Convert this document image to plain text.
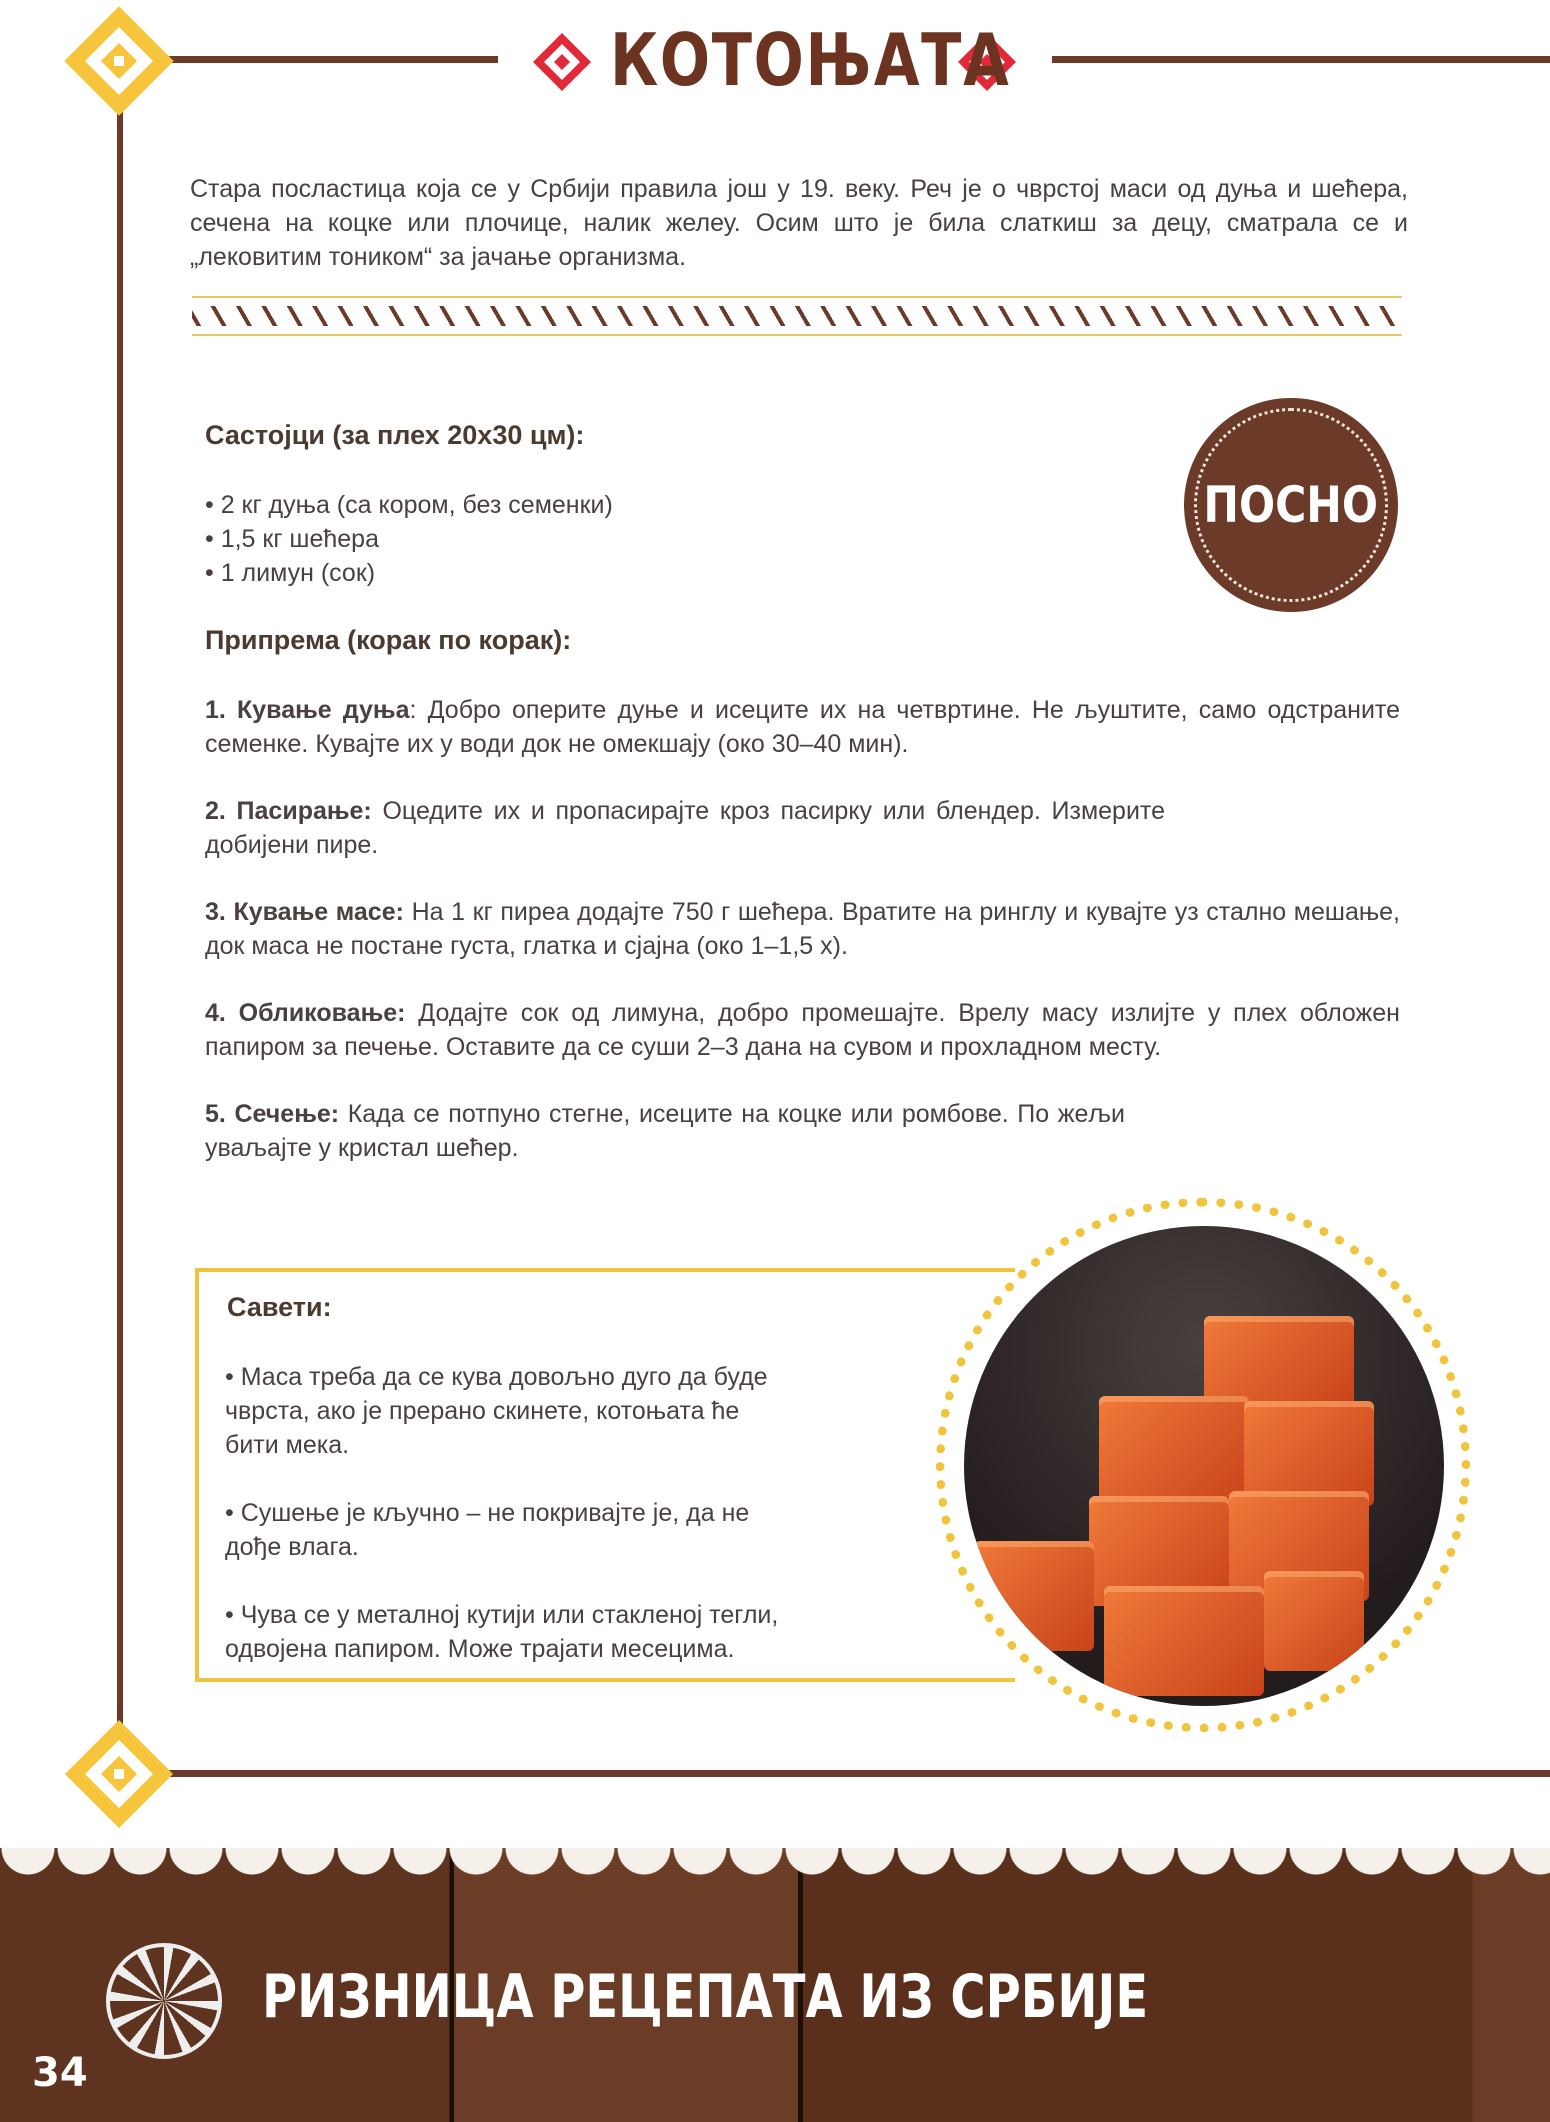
КОТОЊАТА

Стара посластица која се у Србији правила још у 19. веку. Реч је о чврстој маси од дуња и шећера, сечена на коцке или плочице, налик желеу. Осим што је била слаткиш за децу, сматрала се и „лековитим тоником“ за јачање организма.

Састојци (за плех 20x30 цм):
• 2 кг дуња (са кором, без семенки)
• 1,5 кг шећера
• 1 лимун (сок)
ПОСНО
Припрема (корак по корак):

1. Кување дуња: Добро оперите дуње и исеците их на четвртине. Не љуштите, само одстраните семенке. Кувајте их у води док не омекшају (око 30–40 мин).

2. Пасирање: Оцедите их и пропасирајте кроз пасирку или блендер. Измерите добијени пире.

3. Кување масе: На 1 кг пиреа додајте 750 г шећера. Вратите на ринглу и кувајте уз стално мешање, док маса не постане густа, глатка и сјајна (око 1–1,5 х).

4. Обликовање: Додајте сок од лимуна, добро промешајте. Врелу масу излијте у плех обложен папиром за печење. Оставите да се суши 2–3 дана на сувом и прохладном месту.

5. Сечење: Када се потпуно стегне, исеците на коцке или ромбове. По жељи уваљајте у кристал шећер.

Савети:

• Маса треба да се кува довољно дуго да буде чврста, ако је прерано скинете, котоњата ће бити мека.

• Сушење је кључно – не покривајте је, да не дође влага.

• Чува се у металној кутији или стакленој тегли, одвојена папиром. Може трајати месецима.

РИЗНИЦА РЕЦЕПАТА ИЗ СРБИЈЕ
34
